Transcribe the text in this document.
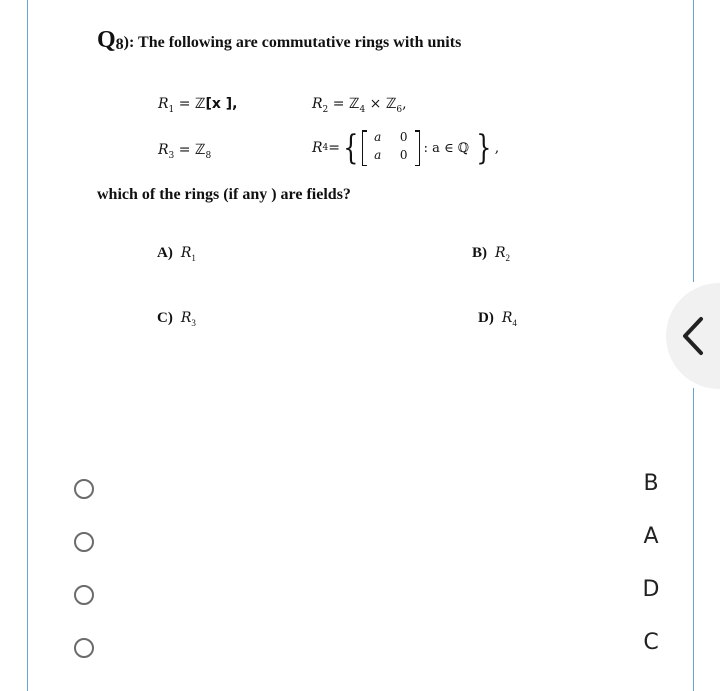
Q8): The following are commutative rings with units
$R_1$ = ℤ[x ],	$R_2$ = ℤ$_4$ × ℤ$_6$,
$R_3$ = ℤ$_8$	R 4 = {	a	0
a	0	: a ∈ ℚ } ,
which of the rings (if any ) are fields?
A) $R_1$	B) $R_2$
C) $R_3$	D) $R_4$
B
A
D
C
